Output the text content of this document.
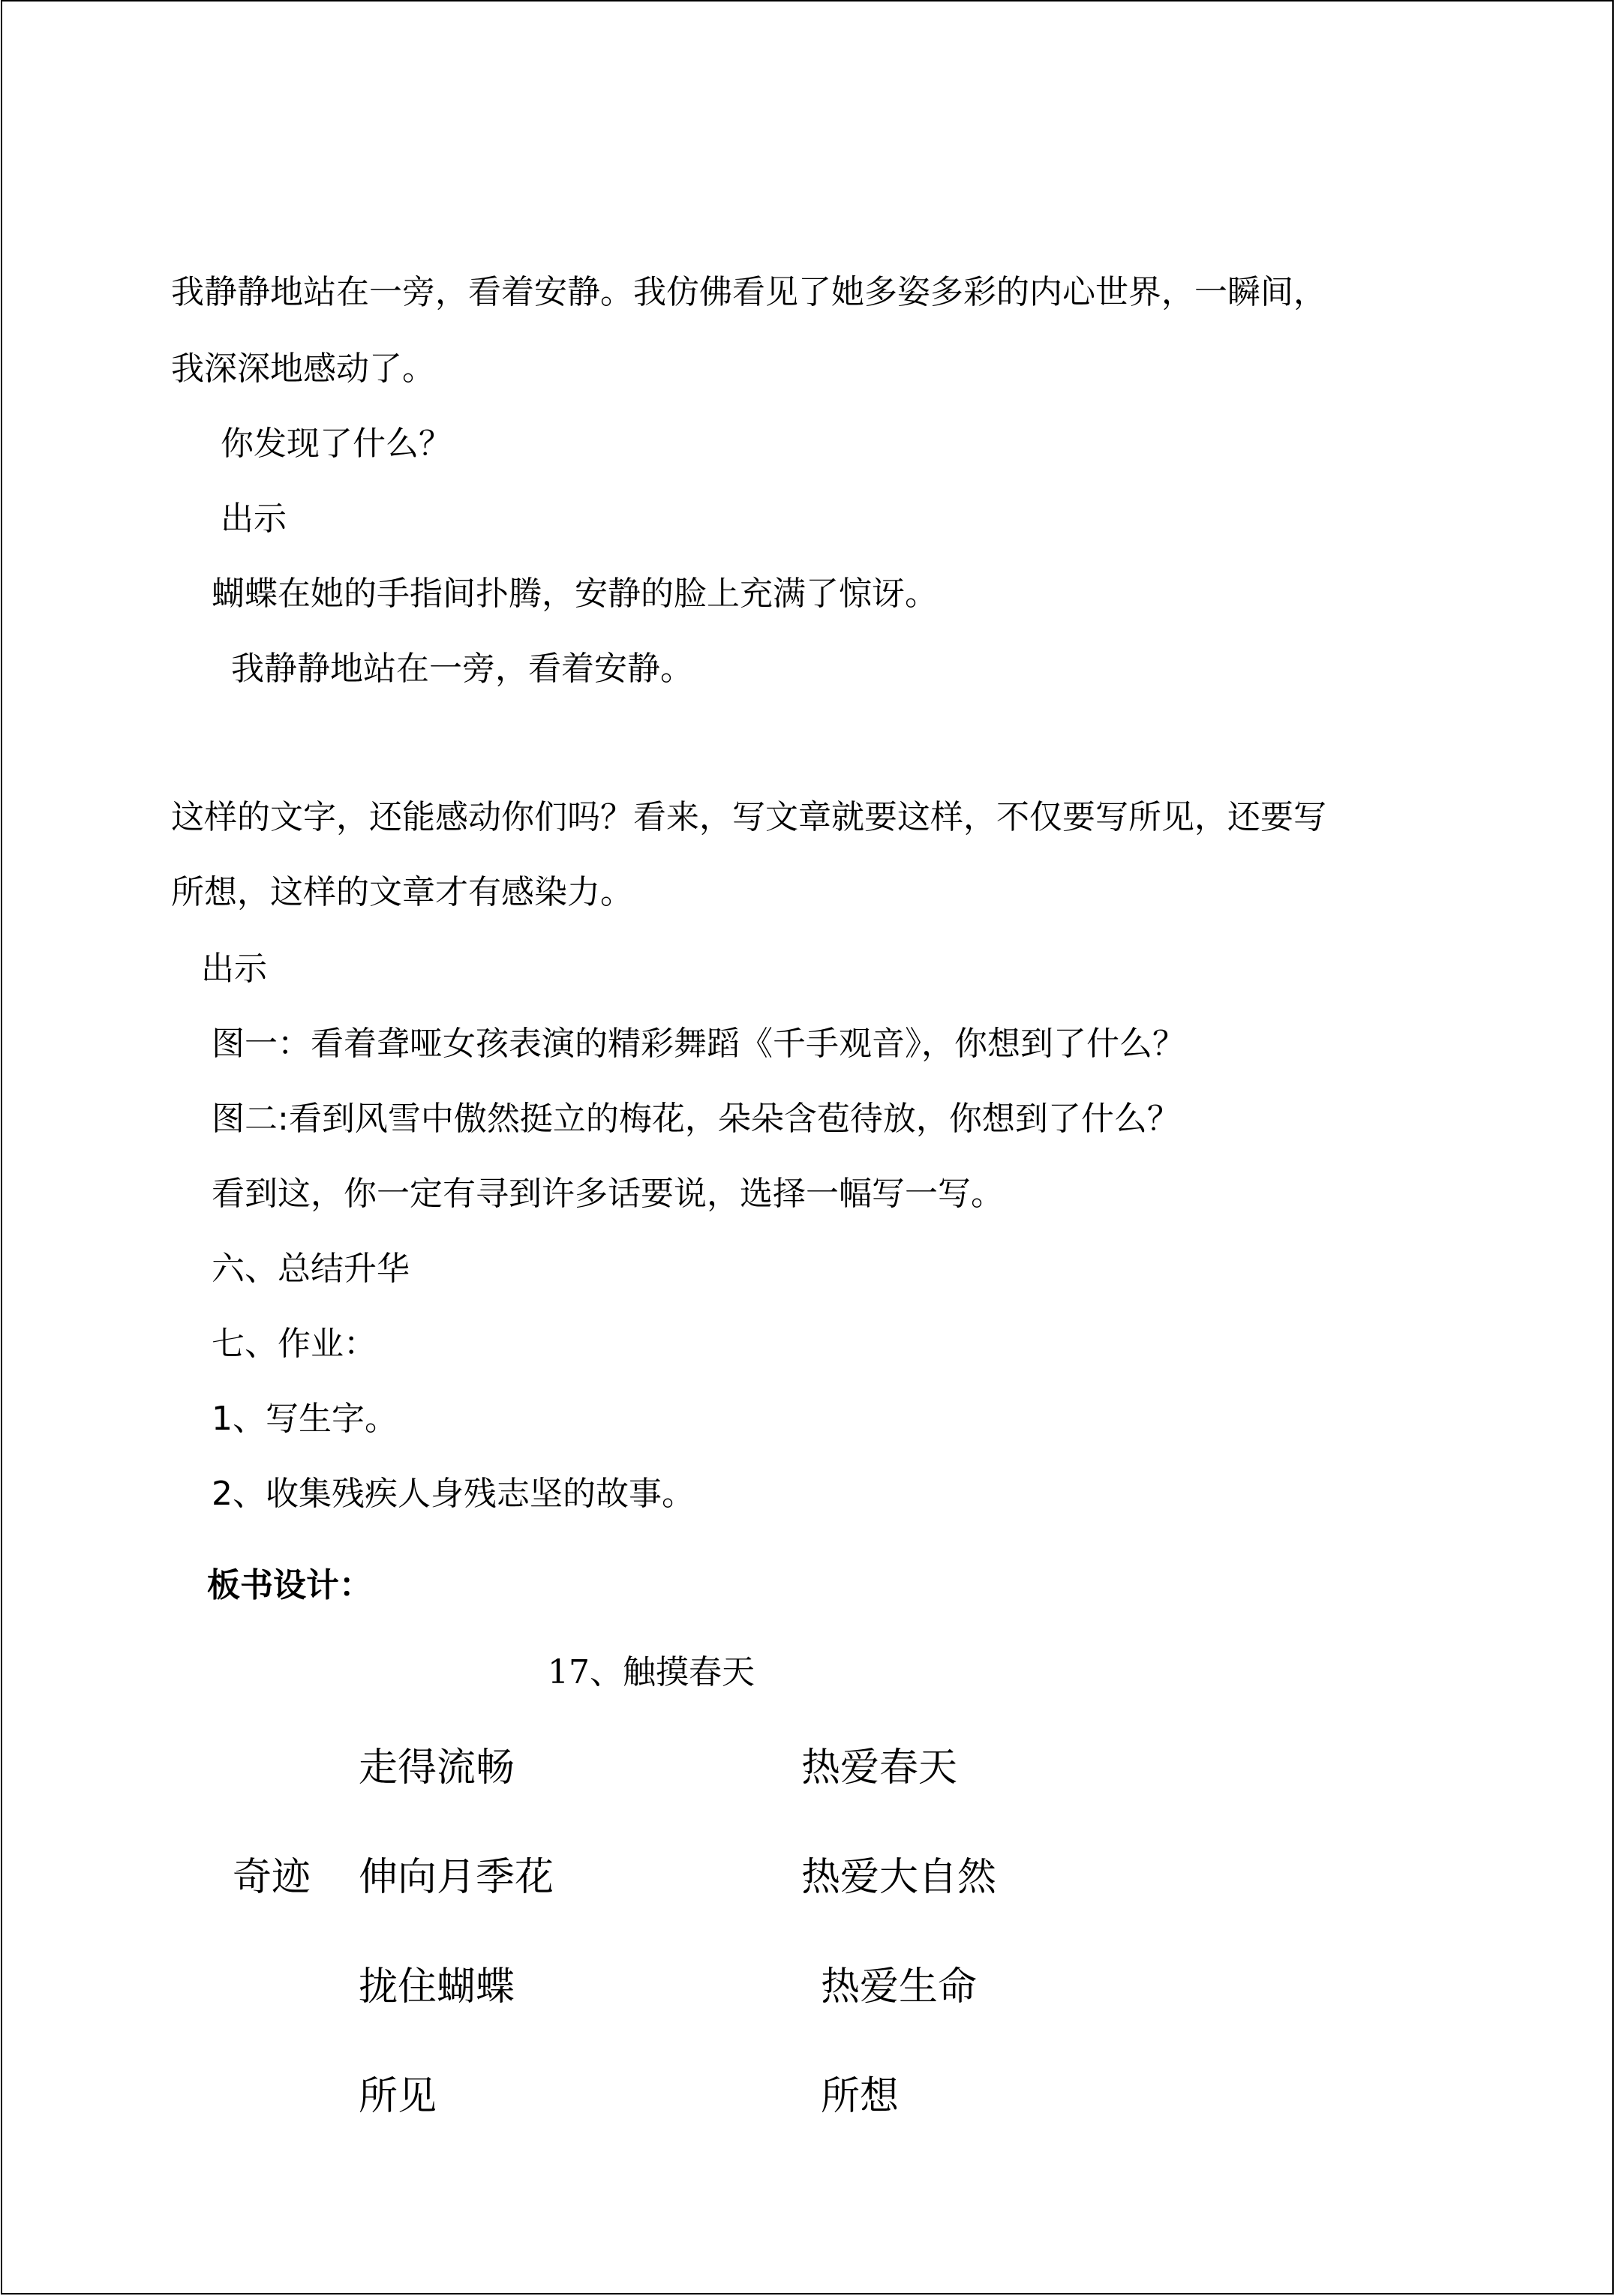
我静静地站在一旁，看着安静。我仿佛看见了她多姿多彩的内心世界，一瞬间，
我深深地感动了。
你发现了什么？
出示
蝴蝶在她的手指间扑腾，安静的脸上充满了惊讶。
我静静地站在一旁，看着安静。
这样的文字，还能感动你们吗？看来，写文章就要这样，不仅要写所见，还要写
所想，这样的文章才有感染力。
出示
图一：看着聋哑女孩表演的精彩舞蹈《千手观音》，你想到了什么？
图二:看到风雪中傲然挺立的梅花，朵朵含苞待放，你想到了什么？
看到这，你一定有寻到许多话要说，选择一幅写一写。
六、总结升华
七、作业：
1、写生字。
2、收集残疾人身残志坚的故事。
板书设计：
17、触摸春天
奇迹
走得流畅
伸向月季花
拢住蝴蝶
所见
热爱春天
热爱大自然
热爱生命
所想
